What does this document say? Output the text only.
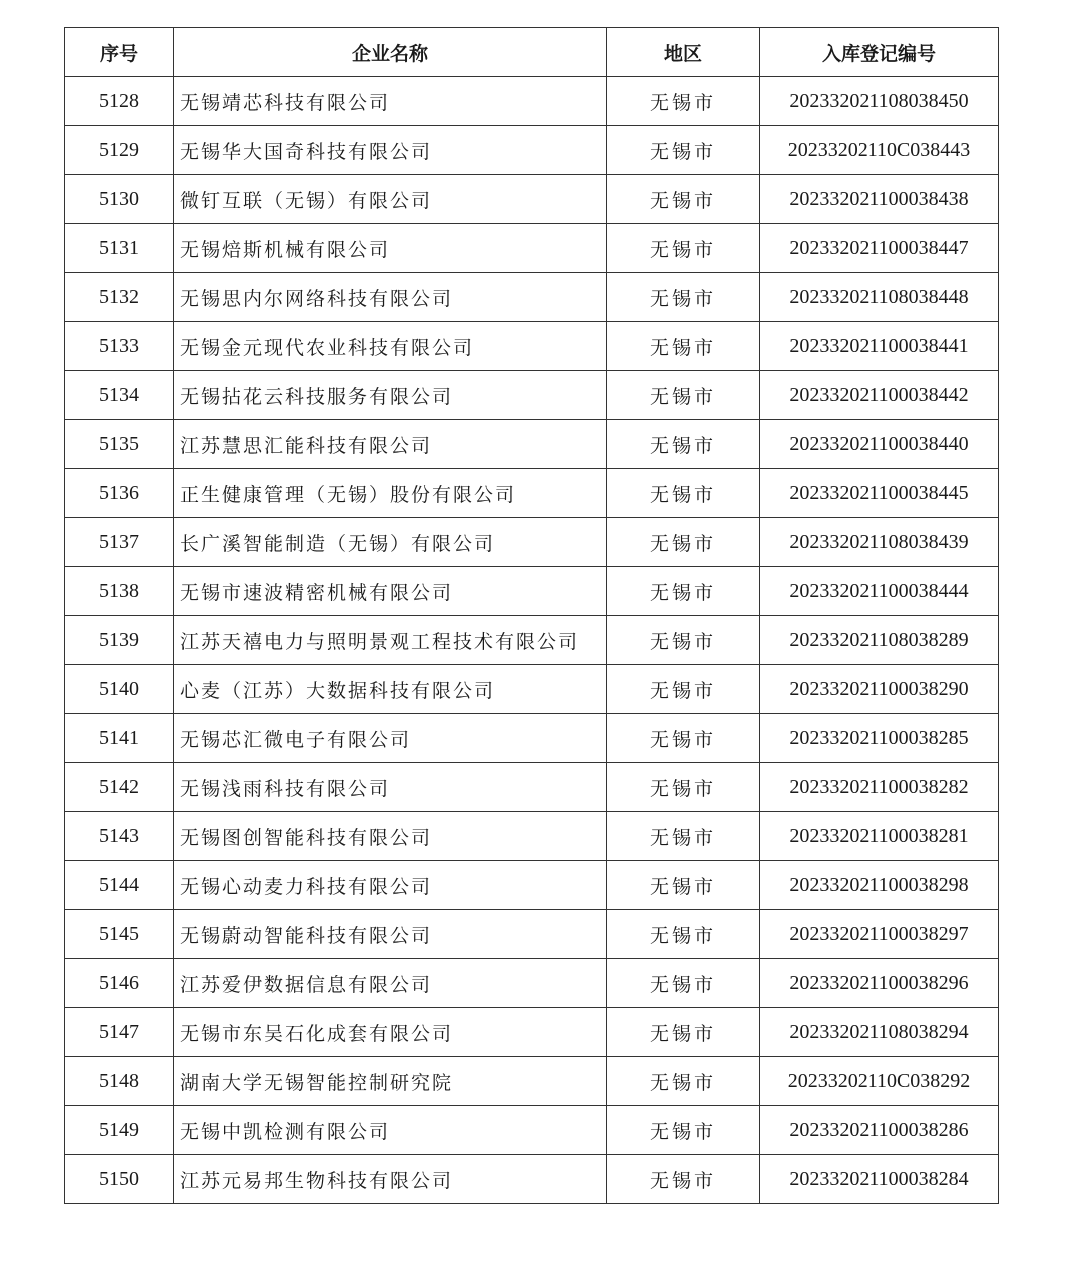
序号	企业名称	地区	入库登记编号
5128	无锡靖芯科技有限公司	无锡市	202332021108038450
5129	无锡华大国奇科技有限公司	无锡市	20233202110C038443
5130	微钉互联（无锡）有限公司	无锡市	202332021100038438
5131	无锡焙斯机械有限公司	无锡市	202332021100038447
5132	无锡思内尔网络科技有限公司	无锡市	202332021108038448
5133	无锡金元现代农业科技有限公司	无锡市	202332021100038441
5134	无锡拈花云科技服务有限公司	无锡市	202332021100038442
5135	江苏慧思汇能科技有限公司	无锡市	202332021100038440
5136	正生健康管理（无锡）股份有限公司	无锡市	202332021100038445
5137	长广溪智能制造（无锡）有限公司	无锡市	202332021108038439
5138	无锡市速波精密机械有限公司	无锡市	202332021100038444
5139	江苏天禧电力与照明景观工程技术有限公司	无锡市	202332021108038289
5140	心麦（江苏）大数据科技有限公司	无锡市	202332021100038290
5141	无锡芯汇微电子有限公司	无锡市	202332021100038285
5142	无锡浅雨科技有限公司	无锡市	202332021100038282
5143	无锡图创智能科技有限公司	无锡市	202332021100038281
5144	无锡心动麦力科技有限公司	无锡市	202332021100038298
5145	无锡蔚动智能科技有限公司	无锡市	202332021100038297
5146	江苏爱伊数据信息有限公司	无锡市	202332021100038296
5147	无锡市东吴石化成套有限公司	无锡市	202332021108038294
5148	湖南大学无锡智能控制研究院	无锡市	20233202110C038292
5149	无锡中凯检测有限公司	无锡市	202332021100038286
5150	江苏元易邦生物科技有限公司	无锡市	202332021100038284
